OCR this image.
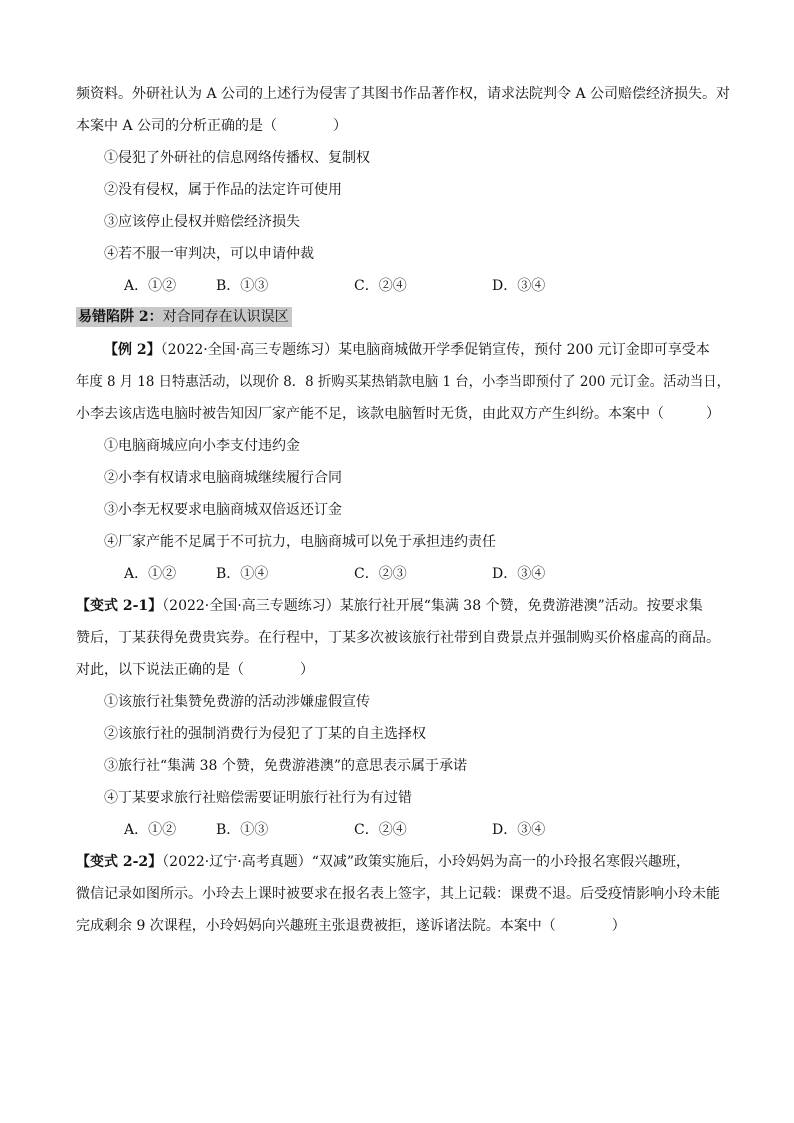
频资料。外研社认为 A 公司的上述行为侵害了其图书作品著作权，请求法院判令 A 公司赔偿经济损失。对
本案中 A 公司的分析正确的是（　　　　）
①侵犯了外研社的信息网络传播权、复制权
②没有侵权，属于作品的法定许可使用
③应该停止侵权并赔偿经济损失
④若不服一审判决，可以申请仲裁
A．①②	B．①③	C．②④	D．③④
易错陷阱 2：对合同存在认识误区
【例 2】（2022·全国·高三专题练习）某电脑商城做开学季促销宣传，预付 200 元订金即可享受本
年度 8 月 18 日特惠活动，以现价 8．8 折购买某热销款电脑 1 台，小李当即预付了 200 元订金。活动当日，
小李去该店选电脑时被告知因厂家产能不足，该款电脑暂时无货，由此双方产生纠纷。本案中（　　　）
①电脑商城应向小李支付违约金
②小李有权请求电脑商城继续履行合同
③小李无权要求电脑商城双倍返还订金
④厂家产能不足属于不可抗力，电脑商城可以免于承担违约责任
A．①②	B．①④	C．②③	D．③④
【变式 2-1】（2022·全国·高三专题练习）某旅行社开展“集满 38 个赞，免费游港澳”活动。按要求集
赞后，丁某获得免费贵宾券。在行程中，丁某多次被该旅行社带到自费景点并强制购买价格虚高的商品。
对此，以下说法正确的是（　　　　）
①该旅行社集赞免费游的活动涉嫌虚假宣传
②该旅行社的强制消费行为侵犯了丁某的自主选择权
③旅行社“集满 38 个赞，免费游港澳”的意思表示属于承诺
④丁某要求旅行社赔偿需要证明旅行社行为有过错
A．①②	B．①③	C．②④	D．③④
【变式 2-2】（2022·辽宁·高考真题）“双减”政策实施后，小玲妈妈为高一的小玲报名寒假兴趣班，
微信记录如图所示。小玲去上课时被要求在报名表上签字，其上记载：课费不退。后受疫情影响小玲未能
完成剩余 9 次课程，小玲妈妈向兴趣班主张退费被拒，遂诉诸法院。本案中（　　　　）
